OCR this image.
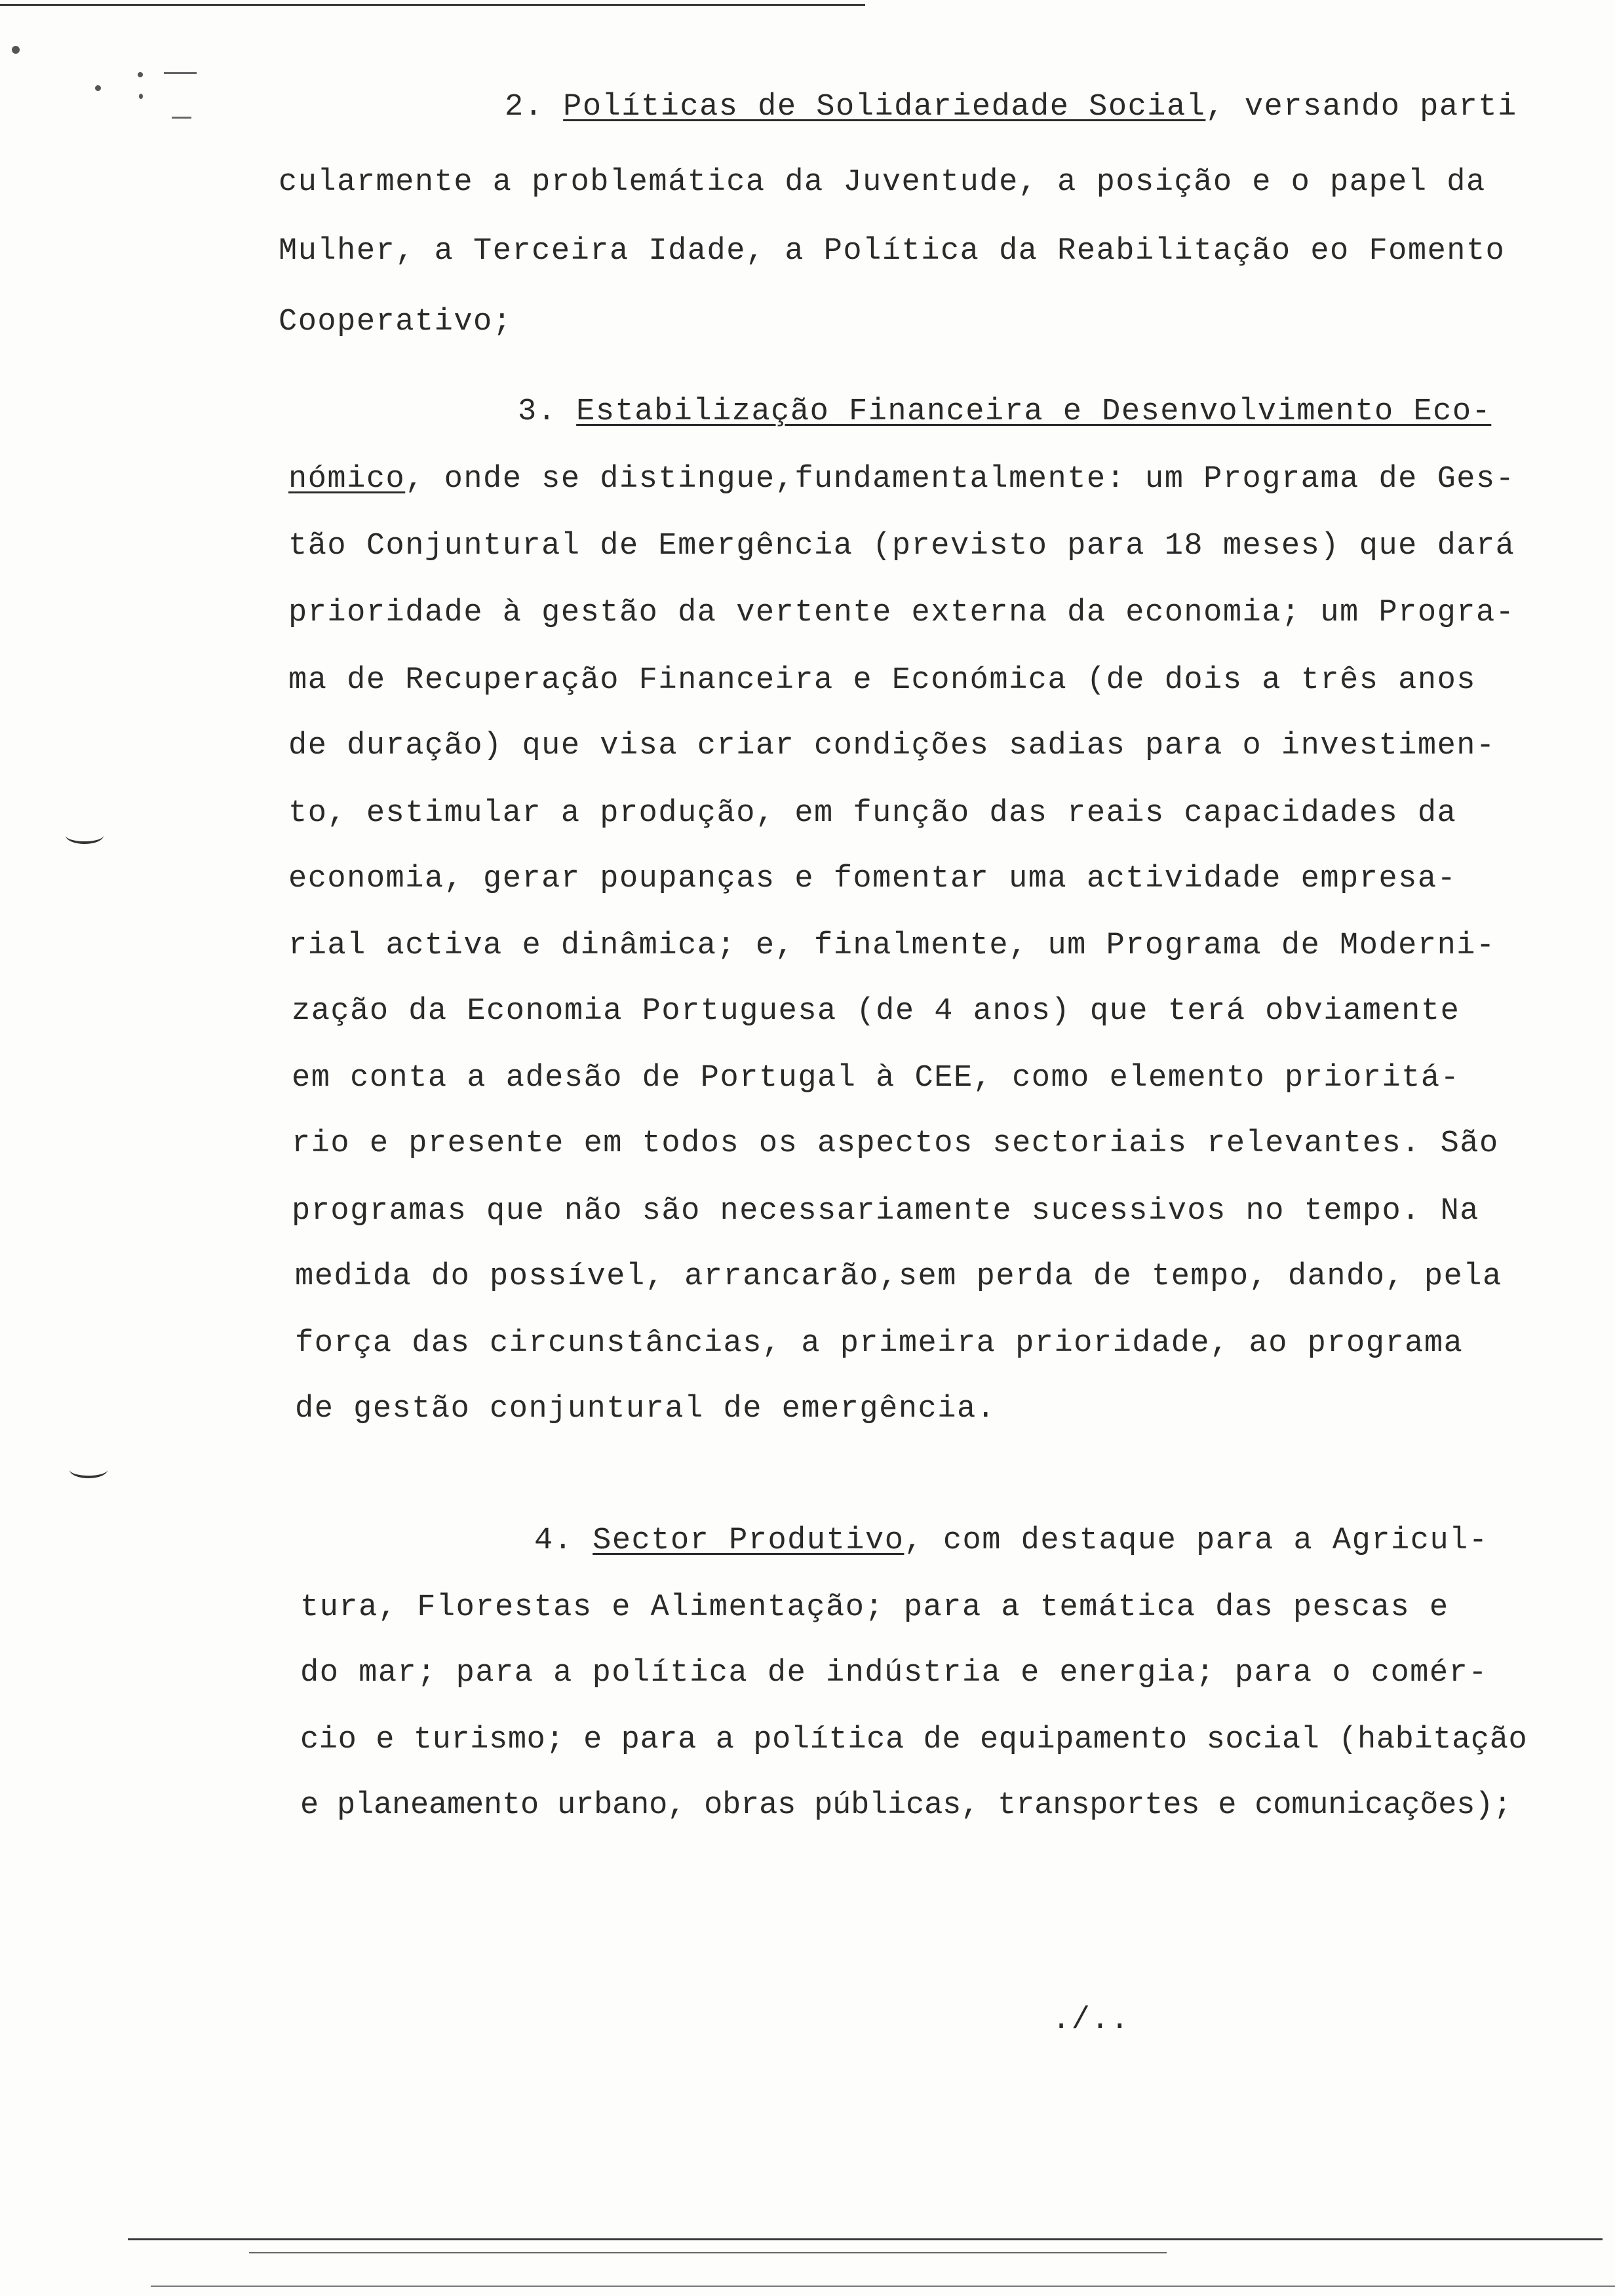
2. Políticas de Solidariedade Social, versando parti
cularmente a problemática da Juventude, a posição e o papel da
Mulher, a Terceira Idade, a Política da Reabilitação eo Fomento
Cooperativo;
3. Estabilização Financeira e Desenvolvimento Eco-
nómico, onde se distingue,fundamentalmente: um Programa de Ges-
tão Conjuntural de Emergência (previsto para 18 meses) que dará
prioridade à gestão da vertente externa da economia; um Progra-
ma de Recuperação Financeira e Económica (de dois a três anos
de duração) que visa criar condições sadias para o investimen-
to, estimular a produção, em função das reais capacidades da
economia, gerar poupanças e fomentar uma actividade empresa-
rial activa e dinâmica; e, finalmente, um Programa de Moderni-
zação da Economia Portuguesa (de 4 anos) que terá obviamente
em conta a adesão de Portugal à CEE, como elemento prioritá-
rio e presente em todos os aspectos sectoriais relevantes. São
programas que não são necessariamente sucessivos no tempo. Na
medida do possível, arrancarão,sem perda de tempo, dando, pela
força das circunstâncias, a primeira prioridade, ao programa
de gestão conjuntural de emergência.
4. Sector Produtivo, com destaque para a Agricul-
tura, Florestas e Alimentação; para a temática das pescas e
do mar; para a política de indústria e energia; para o comér-
cio e turismo; e para a política de equipamento social (habitação
e planeamento urbano, obras públicas, transportes e comunicações);
./..
